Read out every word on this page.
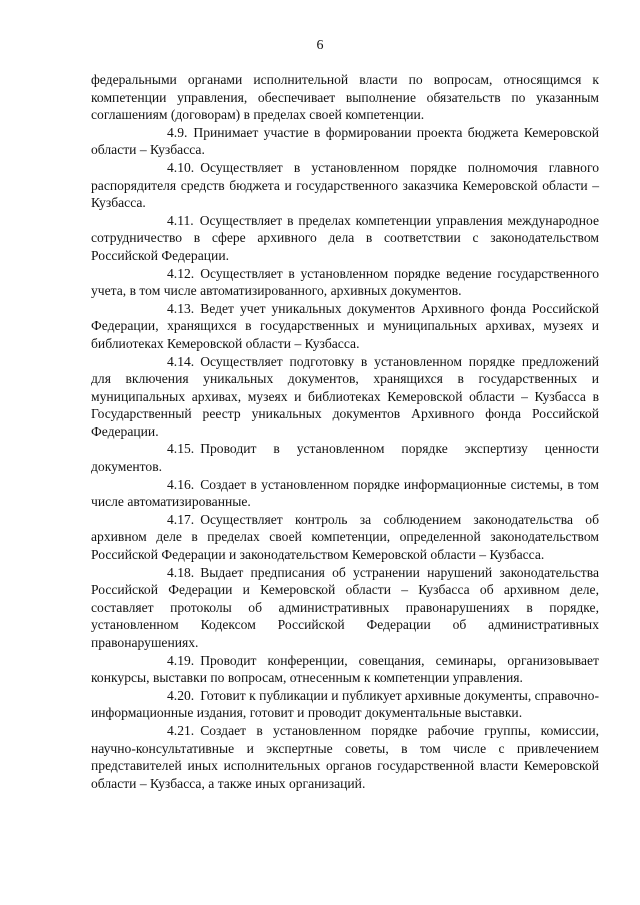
6

федеральными органами исполнительной власти по вопросам, относящимся к компетенции управления, обеспечивает выполнение обязательств по указанным соглашениям (договорам) в пределах своей компетенции.

4.9. Принимает участие в формировании проекта бюджета Кемеровской области – Кузбасса.

4.10. Осуществляет в установленном порядке полномочия главного распорядителя средств бюджета и государственного заказчика Кемеровской области – Кузбасса.

4.11. Осуществляет в пределах компетенции управления международное сотрудничество в сфере архивного дела в соответствии с законодательством Российской Федерации.

4.12. Осуществляет в установленном порядке ведение государственного учета, в том числе автоматизированного, архивных документов.

4.13. Ведет учет уникальных документов Архивного фонда Российской Федерации, хранящихся в государственных и муниципальных архивах, музеях и библиотеках Кемеровской области – Кузбасса.

4.14. Осуществляет подготовку в установленном порядке предложений для включения уникальных документов, хранящихся в государственных и муниципальных архивах, музеях и библиотеках Кемеровской области – Кузбасса в Государственный реестр уникальных документов Архивного фонда Российской Федерации.

4.15. Проводит в установленном порядке экспертизу ценности документов.

4.16. Создает в установленном порядке информационные системы, в том числе автоматизированные.

4.17. Осуществляет контроль за соблюдением законодательства об архивном деле в пределах своей компетенции, определенной законодательством Российской Федерации и законодательством Кемеровской области – Кузбасса.

4.18. Выдает предписания об устранении нарушений законодательства Российской Федерации и Кемеровской области – Кузбасса об архивном деле, составляет протоколы об административных правонарушениях в порядке, установленном Кодексом Российской Федерации об административных правонарушениях.

4.19. Проводит конференции, совещания, семинары, организовывает конкурсы, выставки по вопросам, отнесенным к компетенции управления.

4.20. Готовит к публикации и публикует архивные документы, справочно-информационные издания, готовит и проводит документальные выставки.

4.21. Создает в установленном порядке рабочие группы, комиссии, научно-консультативные и экспертные советы, в том числе с привлечением представителей иных исполнительных органов государственной власти Кемеровской области – Кузбасса, а также иных организаций.
